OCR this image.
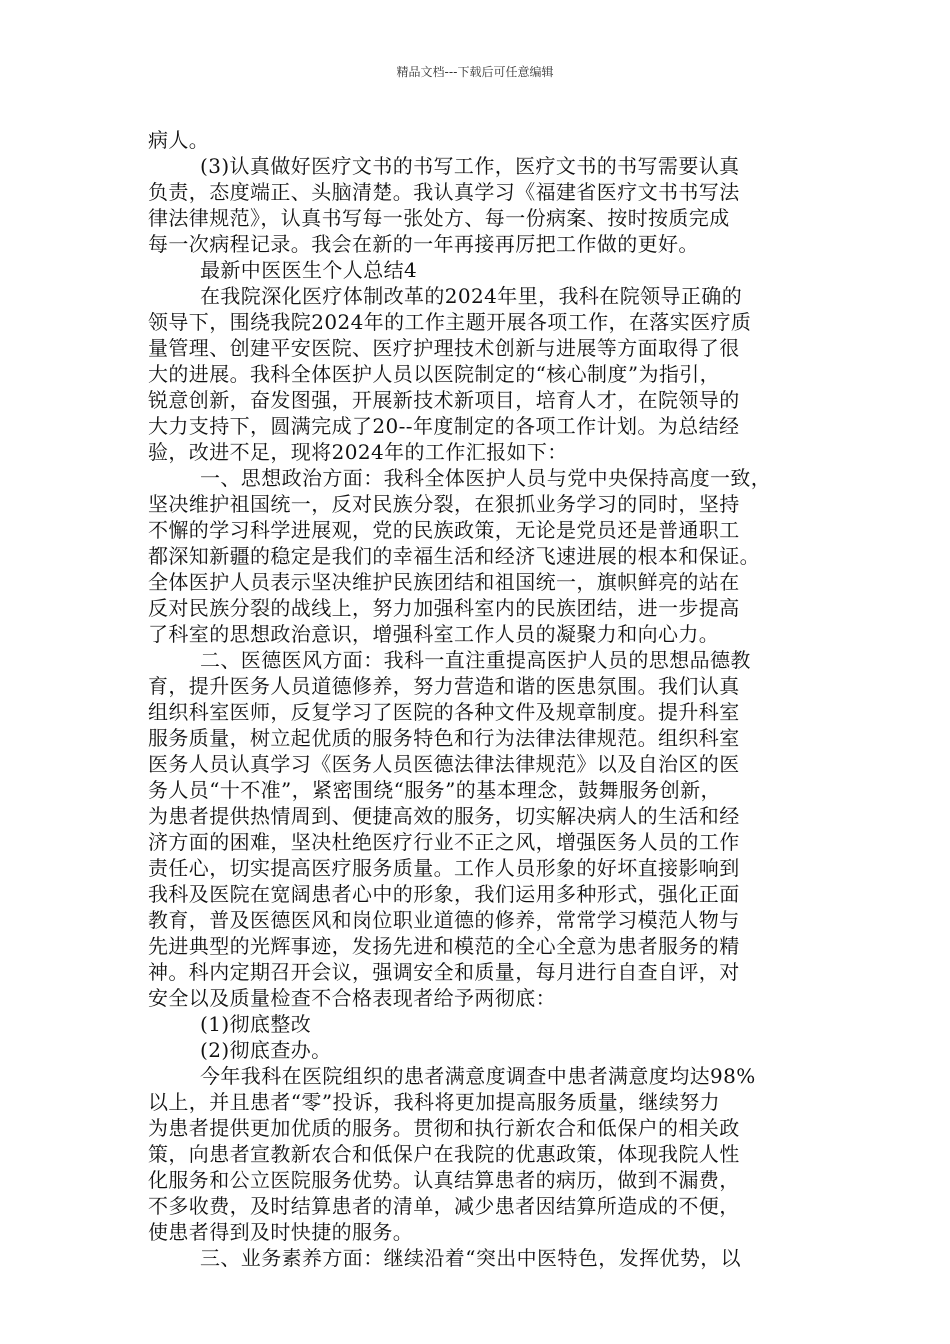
精品文档---下载后可任意编辑
病人。
(3)认真做好医疗文书的书写工作，医疗文书的书写需要认真
负责，态度端正、头脑清楚。我认真学习《福建省医疗文书书写法
律法律规范》，认真书写每一张处方、每一份病案、按时按质完成
每一次病程记录。我会在新的一年再接再厉把工作做的更好。
最新中医医生个人总结4
在我院深化医疗体制改革的2024年里，我科在院领导正确的
领导下，围绕我院2024年的工作主题开展各项工作，在落实医疗质
量管理、创建平安医院、医疗护理技术创新与进展等方面取得了很
大的进展。我科全体医护人员以医院制定的“核心制度”为指引，
锐意创新，奋发图强，开展新技术新项目，培育人才，在院领导的
大力支持下，圆满完成了20--年度制定的各项工作计划。为总结经
验，改进不足，现将2024年的工作汇报如下：
一、思想政治方面：我科全体医护人员与党中央保持高度一致，
坚决维护祖国统一，反对民族分裂，在狠抓业务学习的同时，坚持
不懈的学习科学进展观，党的民族政策，无论是党员还是普通职工
都深知新疆的稳定是我们的幸福生活和经济飞速进展的根本和保证。
全体医护人员表示坚决维护民族团结和祖国统一，旗帜鲜亮的站在
反对民族分裂的战线上，努力加强科室内的民族团结，进一步提高
了科室的思想政治意识，增强科室工作人员的凝聚力和向心力。
二、医德医风方面：我科一直注重提高医护人员的思想品德教
育，提升医务人员道德修养，努力营造和谐的医患氛围。我们认真
组织科室医师，反复学习了医院的各种文件及规章制度。提升科室
服务质量，树立起优质的服务特色和行为法律法律规范。组织科室
医务人员认真学习《医务人员医德法律法律规范》以及自治区的医
务人员“十不准”，紧密围绕“服务”的基本理念，鼓舞服务创新，
为患者提供热情周到、便捷高效的服务，切实解决病人的生活和经
济方面的困难，坚决杜绝医疗行业不正之风，增强医务人员的工作
责任心，切实提高医疗服务质量。工作人员形象的好坏直接影响到
我科及医院在宽阔患者心中的形象，我们运用多种形式，强化正面
教育，普及医德医风和岗位职业道德的修养，常常学习模范人物与
先进典型的光辉事迹，发扬先进和模范的全心全意为患者服务的精
神。科内定期召开会议，强调安全和质量，每月进行自查自评，对
安全以及质量检查不合格表现者给予两彻底：
(1)彻底整改
(2)彻底查办。
今年我科在医院组织的患者满意度调查中患者满意度均达98%
以上，并且患者“零”投诉，我科将更加提高服务质量，继续努力
为患者提供更加优质的服务。贯彻和执行新农合和低保户的相关政
策，向患者宣教新农合和低保户在我院的优惠政策，体现我院人性
化服务和公立医院服务优势。认真结算患者的病历，做到不漏费，
不多收费，及时结算患者的清单，减少患者因结算所造成的不便，
使患者得到及时快捷的服务。
三、业务素养方面：继续沿着“突出中医特色，发挥优势，以
